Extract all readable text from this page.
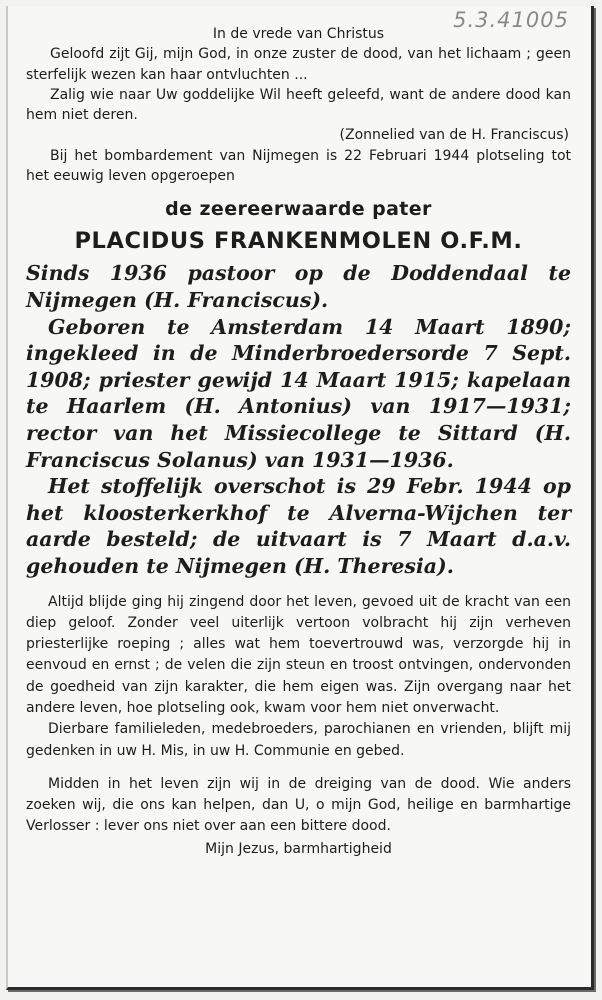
5.3.41005

In de vrede van Christus

Geloofd zijt Gij, mijn God, in onze zuster de dood, van het lichaam ; geen sterfelijk wezen kan haar ontvluchten ...

Zalig wie naar Uw goddelijke Wil heeft geleefd, want de andere dood kan hem niet deren.

(Zonnelied van de H. Franciscus)

Bij het bombardement van Nijmegen is 22 Februari 1944 plotseling tot het eeuwig leven opgeroepen

de zeereerwaarde pater
PLACIDUS FRANKENMOLEN O.F.M.

Sinds 1936 pastoor op de Doddendaal te Nijmegen (H. Franciscus).

Geboren te Amsterdam 14 Maart 1890; ingekleed in de Minderbroedersorde 7 Sept. 1908; priester gewijd 14 Maart 1915; kapelaan te Haarlem (H. Antonius) van 1917—1931; rector van het Missiecollege te Sittard (H. Franciscus Solanus) van 1931—1936.

Het stoffelijk overschot is 29 Febr. 1944 op het kloosterkerkhof te Alverna-Wijchen ter aarde besteld; de uitvaart is 7 Maart d.a.v. gehouden te Nijmegen (H. Theresia).

Altijd blijde ging hij zingend door het leven, gevoed uit de kracht van een diep geloof. Zonder veel uiterlijk vertoon volbracht hij zijn verheven priesterlijke roeping ; alles wat hem toevertrouwd was, verzorgde hij in eenvoud en ernst ; de velen die zijn steun en troost ontvingen, ondervonden de goedheid van zijn karakter, die hem eigen was. Zijn overgang naar het andere leven, hoe plotseling ook, kwam voor hem niet onverwacht.

Dierbare familieleden, medebroeders, parochianen en vrienden, blijft mij gedenken in uw H. Mis, in uw H. Communie en gebed.

Midden in het leven zijn wij in de dreiging van de dood. Wie anders zoeken wij, die ons kan helpen, dan U, o mijn God, heilige en barmhartige Verlosser : lever ons niet over aan een bittere dood.

Mijn Jezus, barmhartigheid
